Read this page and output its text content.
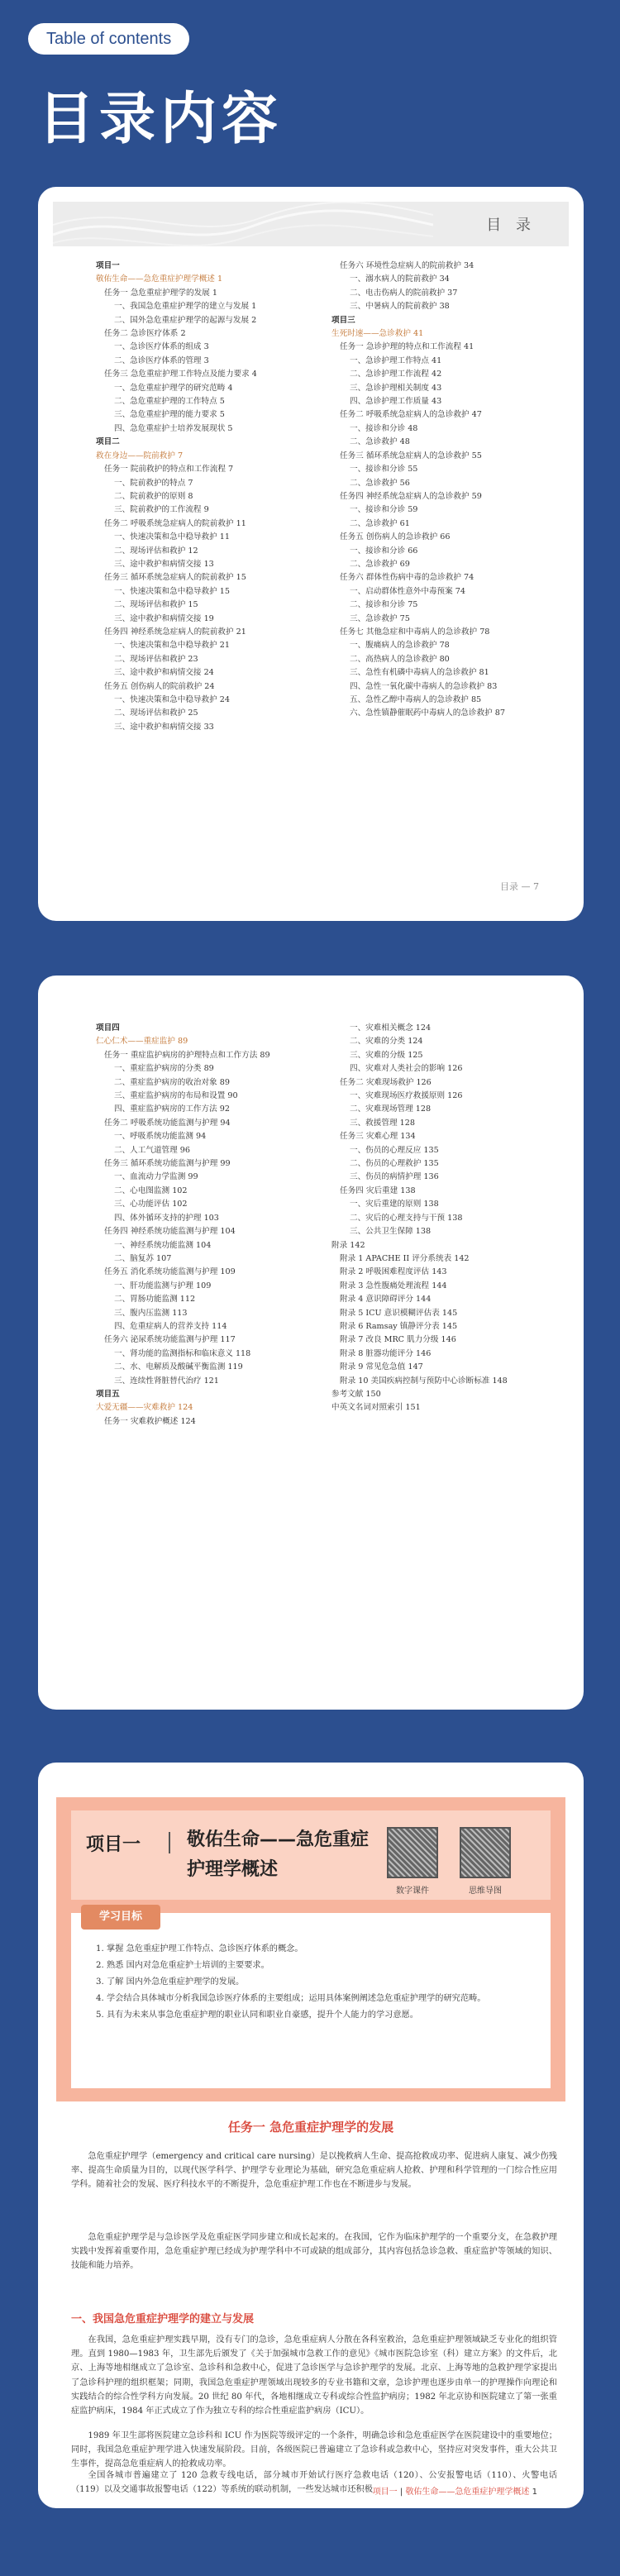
Table of contents
目录内容
目 录
项目一
敬佑生命——急危重症护理学概述 1
任务一 急危重症护理学的发展 1
一、我国急危重症护理学的建立与发展 1
二、国外急危重症护理学的起源与发展 2
任务二 急诊医疗体系 2
一、急诊医疗体系的组成 3
二、急诊医疗体系的管理 3
任务三 急危重症护理工作特点及能力要求 4
一、急危重症护理学的研究范畴 4
二、急危重症护理的工作特点 5
三、急危重症护理的能力要求 5
四、急危重症护士培养发展现状 5
项目二
救在身边——院前救护 7
任务一 院前救护的特点和工作流程 7
一、院前救护的特点 7
二、院前救护的原则 8
三、院前救护的工作流程 9
任务二 呼吸系统急症病人的院前救护 11
一、快速决策和急中稳导救护 11
二、现场评估和救护 12
三、途中救护和病情交接 13
任务三 循环系统急症病人的院前救护 15
一、快速决策和急中稳导救护 15
二、现场评估和救护 15
三、途中救护和病情交接 19
任务四 神经系统急症病人的院前救护 21
一、快速决策和急中稳导救护 21
二、现场评估和救护 23
三、途中救护和病情交接 24
任务五 创伤病人的院前救护 24
一、快速决策和急中稳导救护 24
二、现场评估和救护 25
三、途中救护和病情交接 33
任务六 环境性急症病人的院前救护 34
一、溺水病人的院前救护 34
二、电击伤病人的院前救护 37
三、中暑病人的院前救护 38
项目三
生死时速——急诊救护 41
任务一 急诊护理的特点和工作流程 41
一、急诊护理工作特点 41
二、急诊护理工作流程 42
三、急诊护理相关制度 43
四、急诊护理工作质量 43
任务二 呼吸系统急症病人的急诊救护 47
一、接诊和分诊 48
二、急诊救护 48
任务三 循环系统急症病人的急诊救护 55
一、接诊和分诊 55
二、急诊救护 56
任务四 神经系统急症病人的急诊救护 59
一、接诊和分诊 59
二、急诊救护 61
任务五 创伤病人的急诊救护 66
一、接诊和分诊 66
二、急诊救护 69
任务六 群体性伤病中毒的急诊救护 74
一、启动群体性意外中毒预案 74
二、接诊和分诊 75
三、急诊救护 75
任务七 其他急症和中毒病人的急诊救护 78
一、腹痛病人的急诊救护 78
二、高热病人的急诊救护 80
三、急性有机磷中毒病人的急诊救护 81
四、急性一氧化碳中毒病人的急诊救护 83
五、急性乙醇中毒病人的急诊救护 85
六、急性镇静催眠药中毒病人的急诊救护 87
目录 — 7
项目四
仁心仁术——重症监护 89
任务一 重症监护病房的护理特点和工作方法 89
一、重症监护病房的分类 89
二、重症监护病房的收治对象 89
三、重症监护病房的布局和设置 90
四、重症监护病房的工作方法 92
任务二 呼吸系统功能监测与护理 94
一、呼吸系统功能监测 94
二、人工气道管理 96
任务三 循环系统功能监测与护理 99
一、血流动力学监测 99
二、心电图监测 102
三、心功能评估 102
四、体外循环支持的护理 103
任务四 神经系统功能监测与护理 104
一、神经系统功能监测 104
二、脑复苏 107
任务五 消化系统功能监测与护理 109
一、肝功能监测与护理 109
二、胃肠功能监测 112
三、腹内压监测 113
四、危重症病人的营养支持 114
任务六 泌尿系统功能监测与护理 117
一、肾功能的监测指标和临床意义 118
二、水、电解质及酸碱平衡监测 119
三、连续性肾脏替代治疗 121
项目五
大爱无疆——灾难救护 124
任务一 灾难救护概述 124
一、灾难相关概念 124
二、灾难的分类 124
三、灾难的分级 125
四、灾难对人类社会的影响 126
任务二 灾难现场救护 126
一、灾难现场医疗救援原则 126
二、灾难现场管理 128
三、救援管理 128
任务三 灾难心理 134
一、伤员的心理反应 135
二、伤员的心理救护 135
三、伤员的病情护理 136
任务四 灾后重建 138
一、灾后重建的原则 138
二、灾后的心理支持与干预 138
三、公共卫生保障 138
附录 142
附录 1 APACHE II 评分系统表 142
附录 2 呼吸困难程度评估 143
附录 3 急性腹痛处理流程 144
附录 4 意识障碍评分 144
附录 5 ICU 意识模糊评估表 145
附录 6 Ramsay 镇静评分表 145
附录 7 改良 MRC 肌力分级 146
附录 8 脏器功能评分 146
附录 9 常见危急值 147
附录 10 美国疾病控制与预防中心诊断标准 148
参考文献 150
中英文名词对照索引 151
项目一	敬佑生命——急危重症护理学概述
数字课件	思维导图
学习目标
1. 掌握 急危重症护理工作特点、急诊医疗体系的概念。
2. 熟悉 国内对急危重症护士培训的主要要求。
3. 了解 国内外急危重症护理学的发展。
4. 学会结合具体城市分析我国急诊医疗体系的主要组成；运用具体案例阐述急危重症护理学的研究范畴。
5. 具有为未来从事急危重症护理的职业认同和职业自豪感，提升个人能力的学习意愿。
任务一 急危重症护理学的发展

急危重症护理学（emergency and critical care nursing）是以挽救病人生命、提高抢救成功率、促进病人康复、减少伤残率、提高生命质量为目的，以现代医学科学、护理学专业理论为基础，研究急危重症病人抢救、护理和科学管理的一门综合性应用学科。随着社会的发展、医疗科技水平的不断提升，急危重症护理工作也在不断进步与发展。

急危重症护理学是与急诊医学及危重症医学同步建立和成长起来的。在我国，它作为临床护理学的一个重要分支，在急救护理实践中发挥着重要作用，急危重症护理已经成为护理学科中不可或缺的组成部分，其内容包括急诊急救、重症监护等领域的知识、技能和能力培养。

一、我国急危重症护理学的建立与发展

在我国，急危重症护理实践早期，没有专门的急诊，急危重症病人分散在各科室救治，急危重症护理领域缺乏专业化的组织管理。直到 1980—1983 年，卫生部先后颁发了《关于加强城市急救工作的意见》《城市医院急诊室（科）建立方案》的文件后，北京、上海等地相继成立了急诊室、急诊科和急救中心，促进了急诊医学与急诊护理学的发展。北京、上海等地的急救护理学家提出了急诊科护理的组织框架；同期，我国急危重症护理领域出现较多的专业书籍和文章，急诊护理也逐步由单一的护理操作向理论和实践结合的综合性学科方向发展。20 世纪 80 年代，各地相继成立专科或综合性监护病房；1982 年北京协和医院建立了第一张重症监护病床，1984 年正式成立了作为独立专科的综合性重症监护病房（ICU）。

1989 年卫生部将医院建立急诊科和 ICU 作为医院等级评定的一个条件，明确急诊和急危重症医学在医院建设中的重要地位；同时，我国急危重症护理学进入快速发展阶段。目前，各级医院已普遍建立了急诊科或急救中心，坚持应对突发事件，重大公共卫生事件，提高急危重症病人的抢救成功率。

全国各城市普遍建立了 120 急救专线电话，部分城市开始试行医疗急救电话（120）、公安报警电话（110）、火警电话（119）以及交通事故报警电话（122）等系统的联动机制，一些发达城市还积极 项目一 | 敬佑生命——急危重症护理学概述 1
